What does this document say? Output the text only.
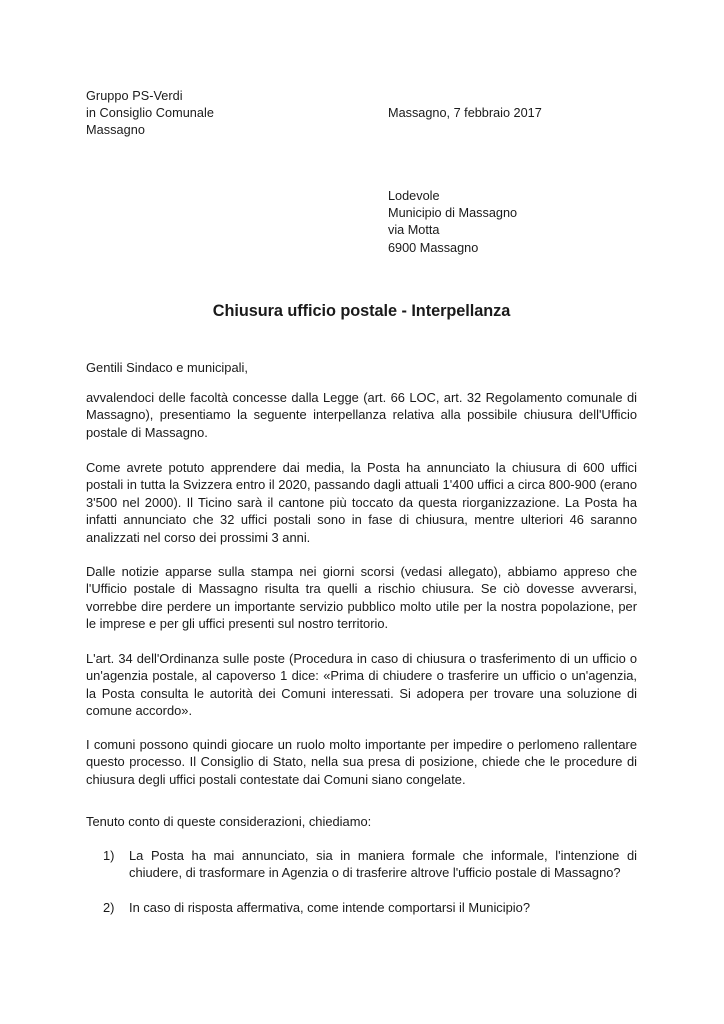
Gruppo PS-Verdi
in Consiglio Comunale
Massagno
Massagno, 7 febbraio 2017
Lodevole
Municipio di Massagno
via Motta
6900 Massagno
Chiusura ufficio postale - Interpellanza
Gentili Sindaco e municipali,
avvalendoci delle facoltà concesse dalla Legge (art. 66 LOC, art. 32 Regolamento comunale di Massagno), presentiamo la seguente interpellanza relativa alla possibile chiusura dell'Ufficio postale di Massagno.
Come avrete potuto apprendere dai media, la Posta ha annunciato la chiusura di 600 uffici postali in tutta la Svizzera entro il 2020, passando dagli attuali 1'400 uffici a circa 800-900 (erano 3'500 nel 2000). Il Ticino sarà il cantone più toccato da questa riorganizzazione. La Posta ha infatti annunciato che 32 uffici postali sono in fase di chiusura, mentre ulteriori 46 saranno analizzati nel corso dei prossimi 3 anni.
Dalle notizie apparse sulla stampa nei giorni scorsi (vedasi allegato), abbiamo appreso che l'Ufficio postale di Massagno risulta tra quelli a rischio chiusura. Se ciò dovesse avverarsi, vorrebbe dire perdere un importante servizio pubblico molto utile per la nostra popolazione, per le imprese e per gli uffici presenti sul nostro territorio.
L'art. 34 dell'Ordinanza sulle poste (Procedura in caso di chiusura o trasferimento di un ufficio o un'agenzia postale, al capoverso 1 dice: «Prima di chiudere o trasferire un ufficio o un'agenzia, la Posta consulta le autorità dei Comuni interessati. Si adopera per trovare una soluzione di comune accordo».
I comuni possono quindi giocare un ruolo molto importante per impedire o perlomeno rallentare questo processo. Il Consiglio di Stato, nella sua presa di posizione, chiede che le procedure di chiusura degli uffici postali contestate dai Comuni siano congelate.
Tenuto conto di queste considerazioni, chiediamo:
1)	La Posta ha mai annunciato, sia in maniera formale che informale, l'intenzione di chiudere, di trasformare in Agenzia o di trasferire altrove l'ufficio postale di Massagno?
2)	In caso di risposta affermativa, come intende comportarsi il Municipio?
